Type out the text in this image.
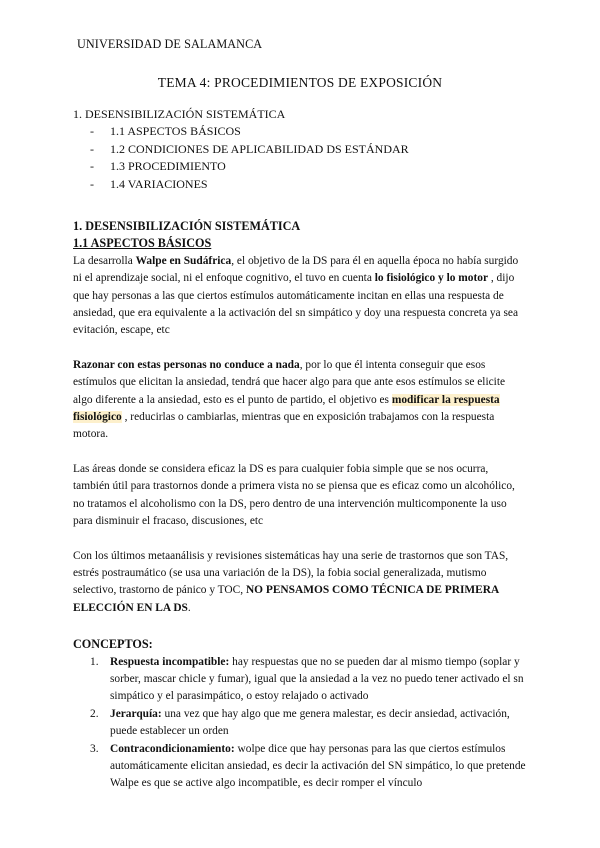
UNIVERSIDAD DE SALAMANCA
TEMA 4: PROCEDIMIENTOS DE EXPOSICIÓN
1. DESENSIBILIZACIÓN SISTEMÁTICA
- 1.1 ASPECTOS BÁSICOS
- 1.2 CONDICIONES DE APLICABILIDAD DS ESTÁNDAR
- 1.3 PROCEDIMIENTO
- 1.4 VARIACIONES
1. DESENSIBILIZACIÓN SISTEMÁTICA
1.1 ASPECTOS BÁSICOS

La desarrolla Walpe en Sudáfrica, el objetivo de la DS para él en aquella época no había surgido ni el aprendizaje social, ni el enfoque cognitivo, el tuvo en cuenta lo fisiológico y lo motor , dijo que hay personas a las que ciertos estímulos automáticamente incitan en ellas una respuesta de ansiedad, que era equivalente a la activación del sn simpático y doy una respuesta concreta ya sea evitación, escape, etc

Razonar con estas personas no conduce a nada, por lo que él intenta conseguir que esos estímulos que elicitan la ansiedad, tendrá que hacer algo para que ante esos estímulos se elicite algo diferente a la ansiedad, esto es el punto de partido, el objetivo es modificar la respuesta fisiológico , reducirlas o cambiarlas, mientras que en exposición trabajamos con la respuesta motora.

Las áreas donde se considera eficaz la DS es para cualquier fobia simple que se nos ocurra, también útil para trastornos donde a primera vista no se piensa que es eficaz como un alcohólico, no tratamos el alcoholismo con la DS, pero dentro de una intervención multicomponente la uso para disminuir el fracaso, discusiones, etc

Con los últimos metaanálisis y revisiones sistemáticas hay una serie de trastornos que son TAS, estrés postraumático (se usa una variación de la DS), la fobia social generalizada, mutismo selectivo, trastorno de pánico y TOC, NO PENSAMOS COMO TÉCNICA DE PRIMERA ELECCIÓN EN LA DS.

CONCEPTOS:
1. Respuesta incompatible: hay respuestas que no se pueden dar al mismo tiempo (soplar y sorber, mascar chicle y fumar), igual que la ansiedad a la vez no puedo tener activado el sn simpático y el parasimpático, o estoy relajado o activado
2. Jerarquía: una vez que hay algo que me genera malestar, es decir ansiedad, activación, puede establecer un orden
3. Contracondicionamiento: wolpe dice que hay personas para las que ciertos estímulos automáticamente elicitan ansiedad, es decir la activación del SN simpático, lo que pretende Walpe es que se active algo incompatible, es decir romper el vínculo
